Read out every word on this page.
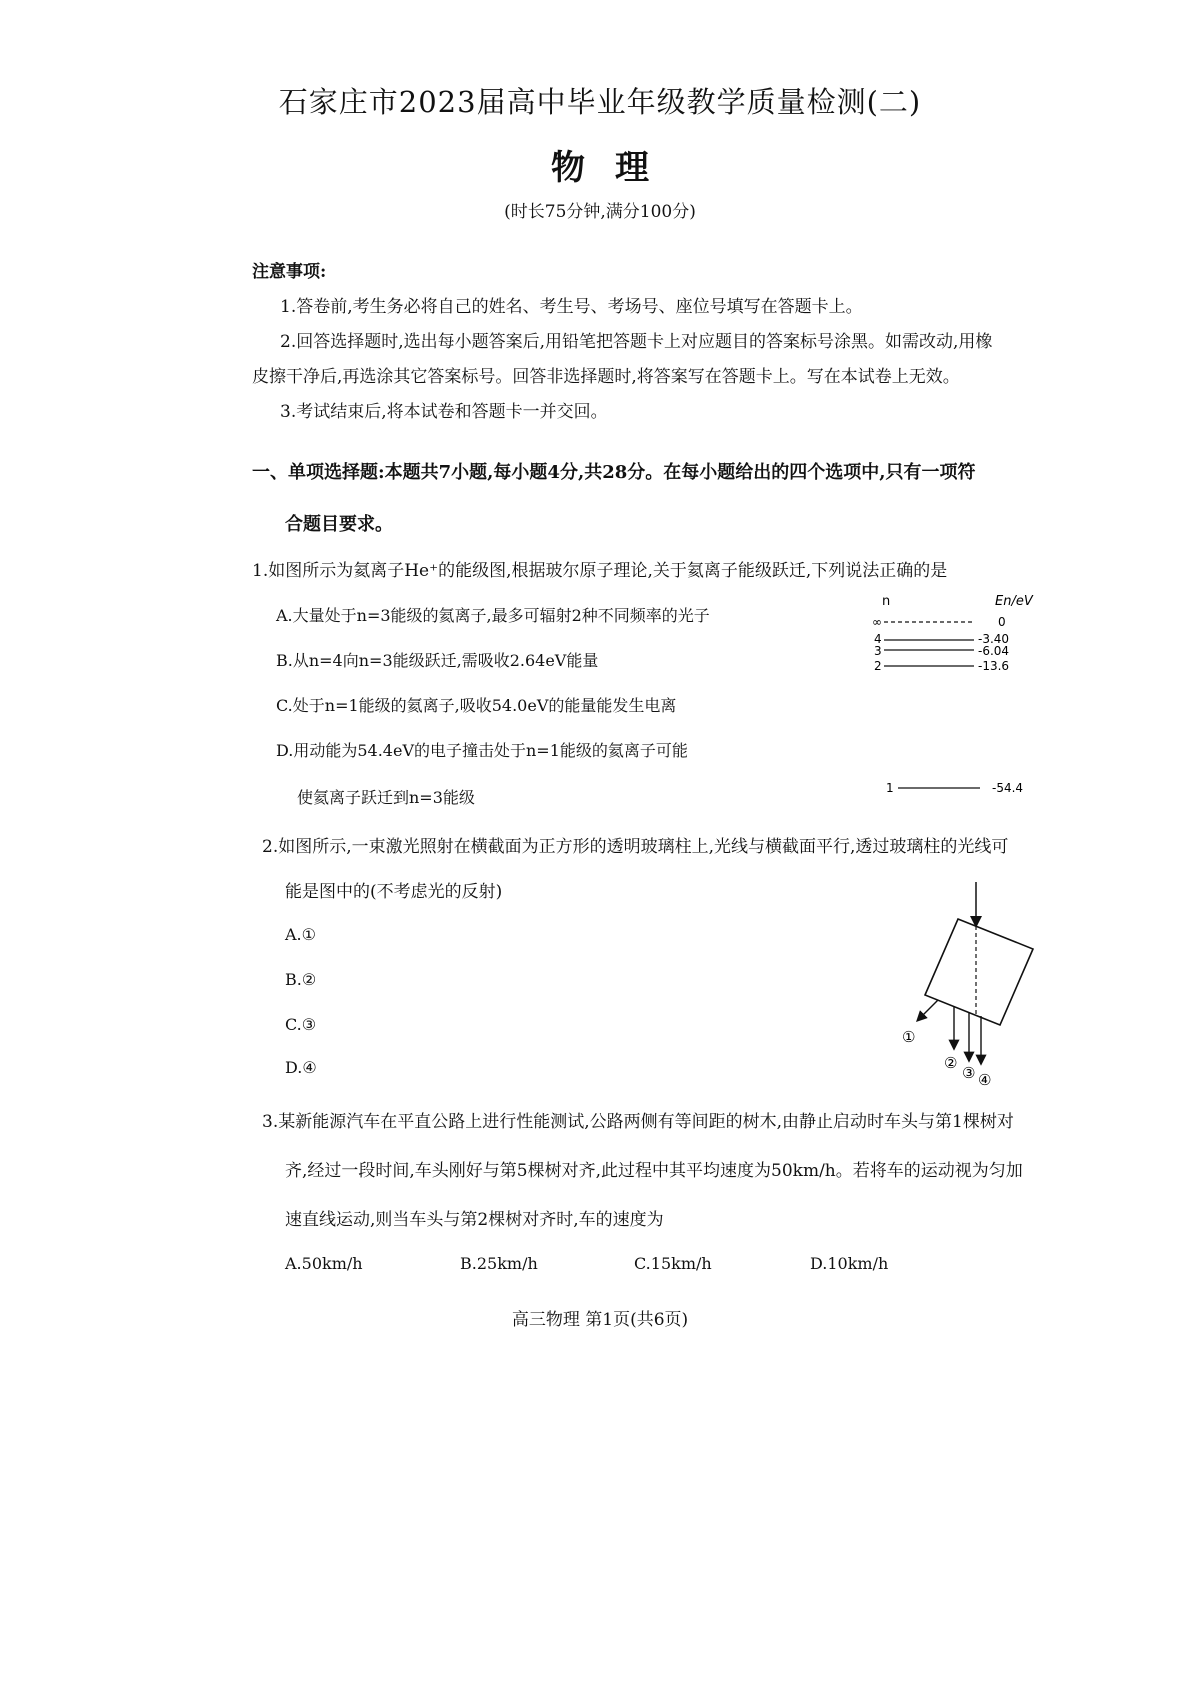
石家庄市2023届高中毕业年级教学质量检测(二)
物理
(时长75分钟,满分100分)
注意事项:
1.答卷前,考生务必将自己的姓名、考生号、考场号、座位号填写在答题卡上。
2.回答选择题时,选出每小题答案后,用铅笔把答题卡上对应题目的答案标号涂黑。如需改动,用橡
皮擦干净后,再选涂其它答案标号。回答非选择题时,将答案写在答题卡上。写在本试卷上无效。
3.考试结束后,将本试卷和答题卡一并交回。
一、单项选择题:本题共7小题,每小题4分,共28分。在每小题给出的四个选项中,只有一项符
合题目要求。
1.如图所示为氦离子He⁺的能级图,根据玻尔原子理论,关于氦离子能级跃迁,下列说法正确的是
A.大量处于n=3能级的氦离子,最多可辐射2种不同频率的光子
B.从n=4向n=3能级跃迁,需吸收2.64eV能量
C.处于n=1能级的氦离子,吸收54.0eV的能量能发生电离
D.用动能为54.4eV的电子撞击处于n=1能级的氦离子可能
使氦离子跃迁到n=3能级
n	En/eV
∞	0
4	-3.40
3	-6.04
2	-13.6
1	-54.4
2.如图所示,一束激光照射在横截面为正方形的透明玻璃柱上,光线与横截面平行,透过玻璃柱的光线可
能是图中的(不考虑光的反射)
A.①
B.②
C.③
D.④
①
②
③ ④
3.某新能源汽车在平直公路上进行性能测试,公路两侧有等间距的树木,由静止启动时车头与第1棵树对
齐,经过一段时间,车头刚好与第5棵树对齐,此过程中其平均速度为50km/h。若将车的运动视为匀加
速直线运动,则当车头与第2棵树对齐时,车的速度为
A.50km/h	B.25km/h	C.15km/h	D.10km/h
高三物理 第1页(共6页)
